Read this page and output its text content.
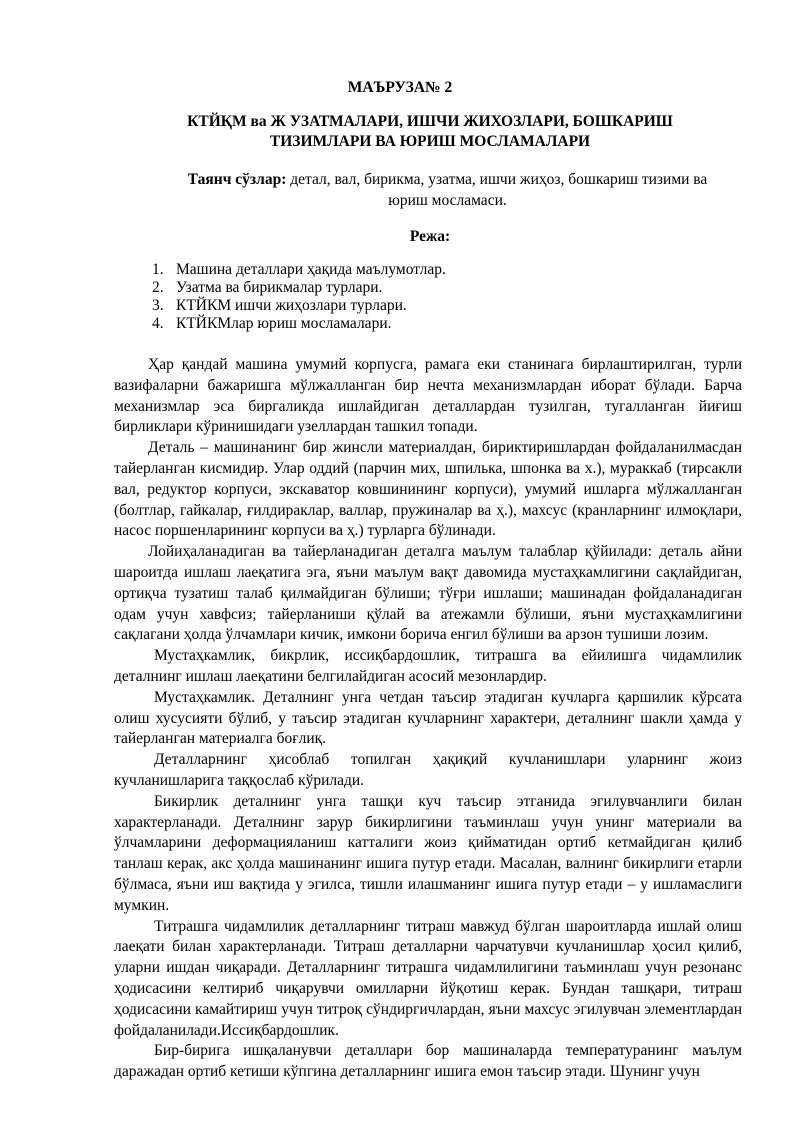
МАЪРУЗА№ 2
КТЙҚМ ва Ж УЗАТМАЛАРИ, ИШЧИ ЖИХОЗЛАРИ, БОШКАРИШ ТИЗИМЛАРИ ВА ЮРИШ МОСЛАМАЛАРИ

Таянч сўзлар: детал, вал, бирикма, узатма, ишчи жиҳоз, бошкариш тизими ва юриш мосламаси.

Режа:
1. Машина деталлари ҳақида маълумотлар.
2. Узатма ва бирикмалар турлари.
3. КТЙКМ ишчи жиҳозлари турлари.
4. КТЙКМлар юриш мосламалари.

Ҳар қандай машина умумий корпусга, рамага еки станинага бирлаштирилган, турли вазифаларни бажаришга мўлжалланган бир нечта механизмлардан иборат бўлади. Барча механизмлар эса биргаликда ишлайдиган деталлардан тузилган, тугалланган йиғиш бирликлари кўринишидаги узеллардан ташкил топади.

Деталь – машинанинг бир жинсли материалдан, бириктиришлардан фойдаланилмасдан тайерланган кисмидир. Улар оддий (парчин мих, шпилька, шпонка ва х.), мураккаб (тирсакли вал, редуктор корпуси, экскаватор ковшинининг корпуси), умумий ишларга мўлжалланган (болтлар, гайкалар, ғилдираклар, валлар, пружиналар ва ҳ.), махсус (кранларнинг илмоқлари, насос поршенларининг корпуси ва ҳ.) турларга бўлинади.

Лойиҳаланадиган ва тайерланадиган деталга маълум талаблар қўйилади: деталь айни шароитда ишлаш лаеқатига эга, яъни маълум вақт давомида мустаҳкамлигини сақлайдиган, ортиқча тузатиш талаб қилмайдиган бўлиши; тўғри ишлаши; машинадан фойдаланадиган одам учун хавфсиз; тайерланиши қўлай ва атежамли бўлиши, яъни мустаҳкамлигини сақлагани ҳолда ўлчамлари кичик, имкони борича енгил бўлиши ва арзон тушиши лозим.

Мустаҳкамлик, бикрлик, иссиқбардошлик, титрашга ва ейилишга чидамлилик деталнинг ишлаш лаеқатини белгилайдиган асосий мезонлардир.

Мустаҳкамлик. Деталнинг унга четдан таъсир этадиган кучларга қаршилик кўрсата олиш хусусияти бўлиб, у таъсир этадиган кучларнинг характери, деталнинг шакли ҳамда у тайерланган материалга боғлиқ.

Деталларнинг ҳисоблаб топилган ҳақиқий кучланишлари уларнинг жоиз кучланишларига таққослаб кўрилади.

Бикирлик деталнинг унга ташқи куч таъсир этганида эгилувчанлиги билан характерланади. Деталнинг зарур бикирлигини таъминлаш учун унинг материали ва ўлчамларини деформацияланиш катталиги жоиз қийматидан ортиб кетмайдиган қилиб танлаш керак, акс ҳолда машинанинг ишига путур етади. Масалан, валнинг бикирлиги етарли бўлмаса, яъни иш вақтида у эгилса, тишли илашманинг ишига путур етади – у ишламаслиги мумкин.

Титрашга чидамлилик деталларнинг титраш мавжуд бўлган шароитларда ишлай олиш лаеқати билан характерланади. Титраш деталларни чарчатувчи кучланишлар ҳосил қилиб, уларни ишдан чиқаради. Деталларнинг титрашга чидамлилигини таъминлаш учун резонанс ҳодисасини келтириб чиқарувчи омилларни йўқотиш керак. Бундан ташқари, титраш ҳодисасини камайтириш учун титроқ сўндиргичлардан, яъни махсус эгилувчан элементлардан фойдаланилади.Иссиқбардошлик.

Бир-бирига ишқаланувчи деталлари бор машиналарда температуранинг маълум даражадан ортиб кетиши кўпгина деталларнинг ишига емон таъсир этади. Шунинг учун
